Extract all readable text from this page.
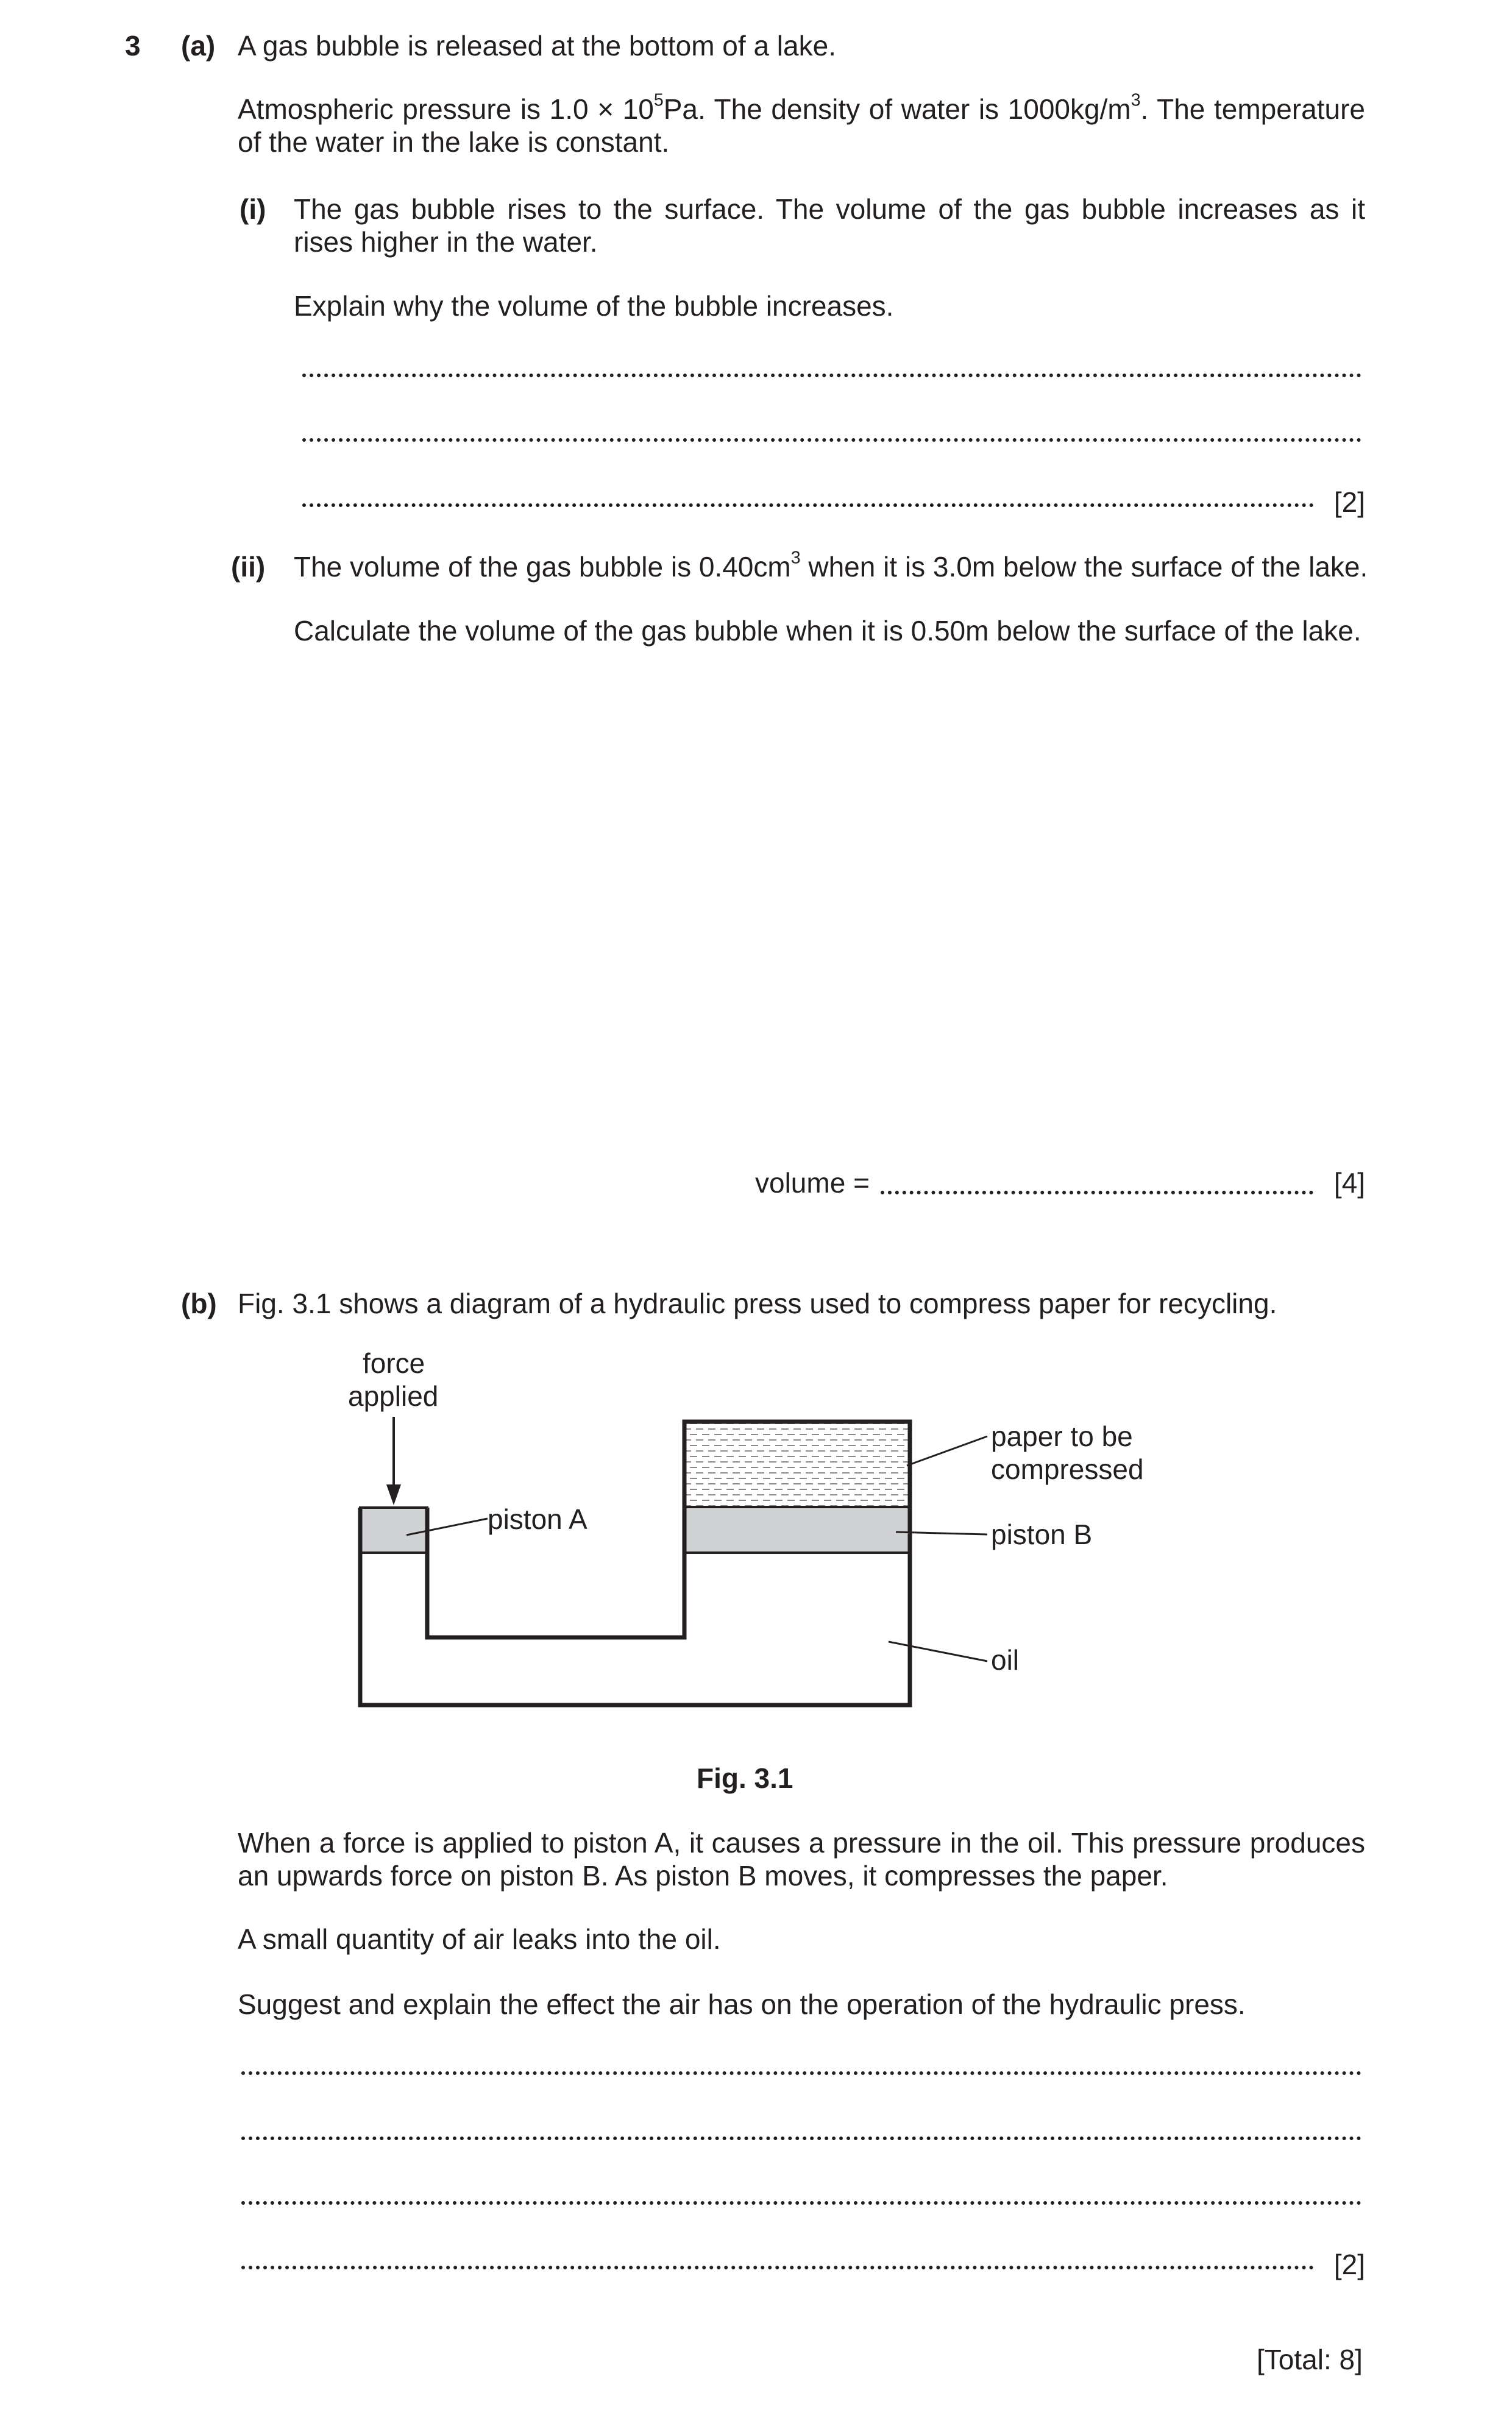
3 (a) A gas bubble is released at the bottom of a lake.
Atmospheric pressure is $1.0 \times 10^5Pa$. The density of water is $1000kg/m^3$. The temperature of the water in the lake is constant.
(i) The gas bubble rises to the surface. The volume of the gas bubble increases as it rises higher in the water.
Explain why the volume of the bubble increases.
[2]
(ii) The volume of the gas bubble is $0.40cm^3$ when it is 3.0m below the surface of the lake.
Calculate the volume of the gas bubble when it is 0.50m below the surface of the lake.
volume =	[4]
(b) Fig. 3.1 shows a diagram of a hydraulic press used to compress paper for recycling.
force
applied
piston A
paper to be
compressed
piston B
oil
Fig. 3.1
When a force is applied to piston A, it causes a pressure in the oil. This pressure produces an upwards force on piston B. As piston B moves, it compresses the paper.
A small quantity of air leaks into the oil.
Suggest and explain the effect the air has on the operation of the hydraulic press.
[2]
[Total: 8]
